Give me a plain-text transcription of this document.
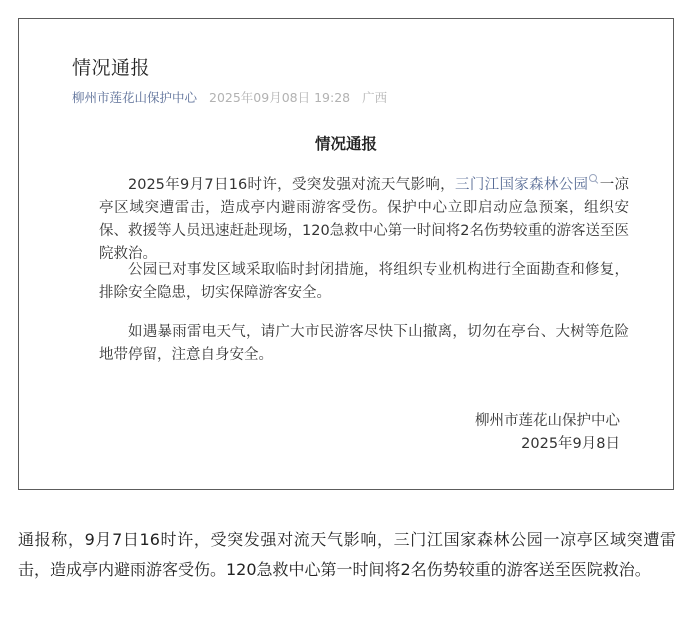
情况通报
柳州市莲花山保护中心 2025年09月08日 19:28 广西
情况通报

2025年9月7日16时许，受突发强对流天气影响，三门江国家森林公园 一凉亭区域突遭雷击，造成亭内避雨游客受伤。保护中心立即启动应急预案，组织安保、救援等人员迅速赶赴现场，120急救中心第一时间将2名伤势较重的游客送至医院救治。

公园已对事发区域采取临时封闭措施，将组织专业机构进行全面勘查和修复，排除安全隐患，切实保障游客安全。

如遇暴雨雷电天气，请广大市民游客尽快下山撤离，切勿在亭台、大树等危险地带停留，注意自身安全。

柳州市莲花山保护中心
2025年9月8日

通报称，9月7日16时许，受突发强对流天气影响，三门江国家森林公园一凉亭区域突遭雷击，造成亭内避雨游客受伤。120急救中心第一时间将2名伤势较重的游客送至医院救治。
